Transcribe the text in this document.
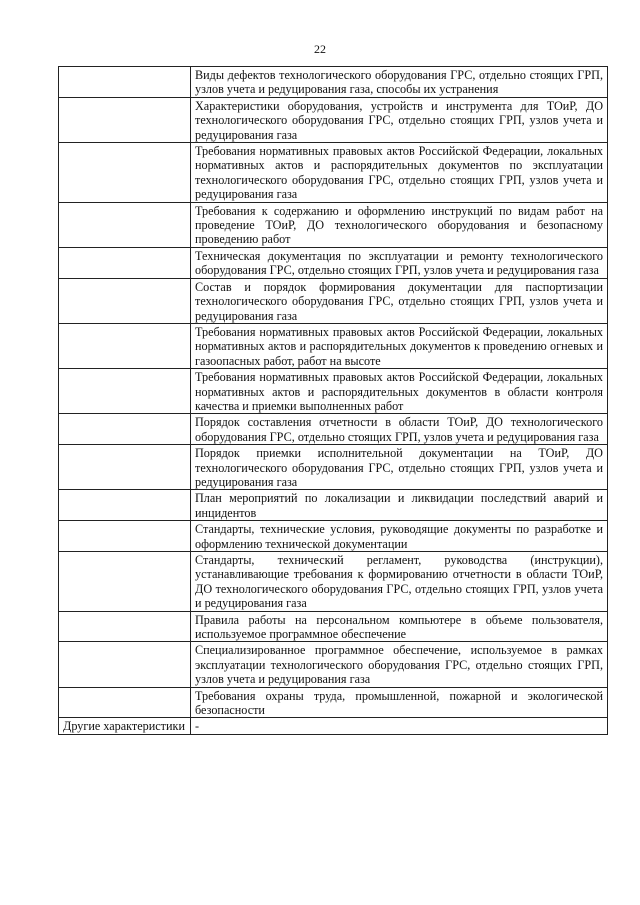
22
	Виды дефектов технологического оборудования ГРС, отдельно стоящих ГРП, узлов учета и редуцирования газа, способы их устранения
	Характеристики оборудования, устройств и инструмента для ТОиР, ДО технологического оборудования ГРС, отдельно стоящих ГРП, узлов учета и редуцирования газа
	Требования нормативных правовых актов Российской Федерации, локальных нормативных актов и распорядительных документов по эксплуатации технологического оборудования ГРС, отдельно стоящих ГРП, узлов учета и редуцирования газа
	Требования к содержанию и оформлению инструкций по видам работ на проведение ТОиР, ДО технологического оборудования и безопасному проведению работ
	Техническая документация по эксплуатации и ремонту технологического оборудования ГРС, отдельно стоящих ГРП, узлов учета и редуцирования газа
	Состав и порядок формирования документации для паспортизации технологического оборудования ГРС, отдельно стоящих ГРП, узлов учета и редуцирования газа
	Требования нормативных правовых актов Российской Федерации, локальных нормативных актов и распорядительных документов к проведению огневых и газоопасных работ, работ на высоте
	Требования нормативных правовых актов Российской Федерации, локальных нормативных актов и распорядительных документов в области контроля качества и приемки выполненных работ
	Порядок составления отчетности в области ТОиР, ДО технологического оборудования ГРС, отдельно стоящих ГРП, узлов учета и редуцирования газа
	Порядок приемки исполнительной документации на ТОиР, ДО технологического оборудования ГРС, отдельно стоящих ГРП, узлов учета и редуцирования газа
	План мероприятий по локализации и ликвидации последствий аварий и инцидентов
	Стандарты, технические условия, руководящие документы по разработке и оформлению технической документации
	Стандарты, технический регламент, руководства (инструкции), устанавливающие требования к формированию отчетности в области ТОиР, ДО технологического оборудования ГРС, отдельно стоящих ГРП, узлов учета и редуцирования газа
	Правила работы на персональном компьютере в объеме пользователя, используемое программное обеспечение
	Специализированное программное обеспечение, используемое в рамках эксплуатации технологического оборудования ГРС, отдельно стоящих ГРП, узлов учета и редуцирования газа
	Требования охраны труда, промышленной, пожарной и экологической безопасности
Другие характеристики	-
